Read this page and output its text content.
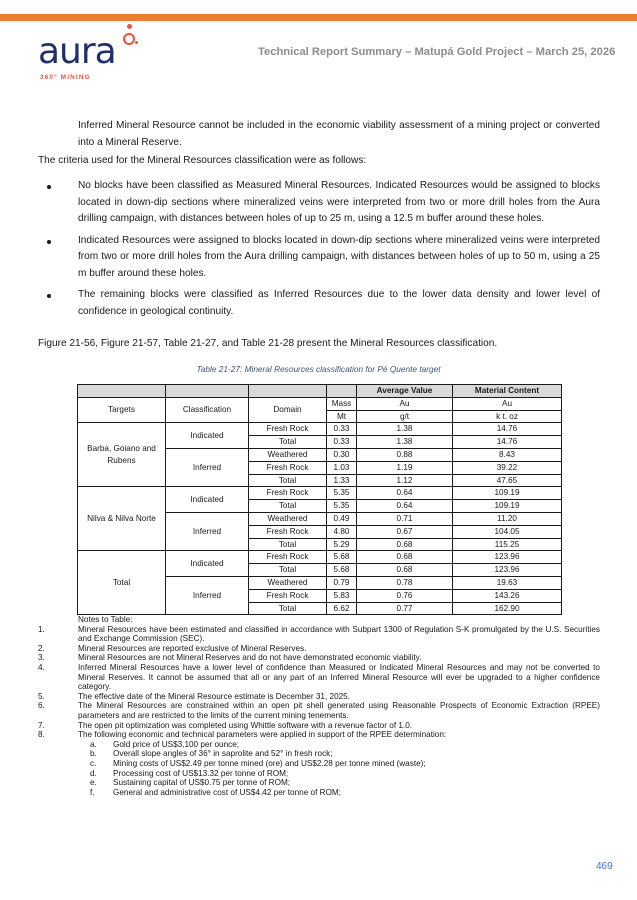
aura
360° MINING
Technical Report Summary – Matupá Gold Project – March 25, 2026
Inferred Mineral Resource cannot be included in the economic viability assessment of a mining project or converted into a Mineral Reserve.
The criteria used for the Mineral Resources classification were as follows:
No blocks have been classified as Measured Mineral Resources. Indicated Resources would be assigned to blocks located in down-dip sections where mineralized veins were interpreted from two or more drill holes from the Aura drilling campaign, with distances between holes of up to 25 m, using a 12.5 m buffer around these holes.
Indicated Resources were assigned to blocks located in down-dip sections where mineralized veins were interpreted from two or more drill holes from the Aura drilling campaign, with distances between holes of up to 50 m, using a 25 m buffer around these holes.
The remaining blocks were classified as Inferred Resources due to the lower data density and lower level of confidence in geological continuity.
Figure 21-56, Figure 21-57, Table 21-27, and Table 21-28 present the Mineral Resources classification.
Table 21-27: Mineral Resources classification for Pé Quente target
				Average Value	Material Content
Targets	Classification	Domain	Mass	Au	Au
			Mt	g/t	k t. oz
Barba, Goiano and Rubens	Indicated	Fresh Rock	0.33	1.38	14.76
		Total	0.33	1.38	14.76
	Inferred	Weathered	0.30	0.88	8.43
		Fresh Rock	1.03	1.19	39.22
		Total	1.33	1.12	47.65
Nilva & Nilva Norte	Indicated	Fresh Rock	5.35	0.64	109.19
		Total	5.35	0.64	109.19
	Inferred	Weathered	0.49	0.71	11.20
		Fresh Rock	4.80	0.67	104.05
		Total	5.29	0.68	115.25
Total	Indicated	Fresh Rock	5.68	0.68	123.96
		Total	5.68	0.68	123.96
	Inferred	Weathered	0.79	0.78	19.63
		Fresh Rock	5.83	0.76	143.26
		Total	6.62	0.77	162.90
Notes to Table:
1.	Mineral Resources have been estimated and classified in accordance with Subpart 1300 of Regulation S-K promulgated by the U.S. Securities and Exchange Commission (SEC).
2.	Mineral Resources are reported exclusive of Mineral Reserves.
3.	Mineral Resources are not Mineral Reserves and do not have demonstrated economic viability.
4.	Inferred Mineral Resources have a lower level of confidence than Measured or Indicated Mineral Resources and may not be converted to Mineral Reserves. It cannot be assumed that all or any part of an Inferred Mineral Resource will ever be upgraded to a higher confidence category.
5.	The effective date of the Mineral Resource estimate is December 31, 2025.
6.	The Mineral Resources are constrained within an open pit shell generated using Reasonable Prospects of Economic Extraction (RPEE) parameters and are restricted to the limits of the current mining tenements.
7.	The open pit optimization was completed using Whittle software with a revenue factor of 1.0.
8.	The following economic and technical parameters were applied in support of the RPEE determination:
a. Gold price of US$3,100 per ounce;
b. Overall slope angles of 36° in saprolite and 52° in fresh rock;
c. Mining costs of US$2.49 per tonne mined (ore) and US$2.28 per tonne mined (waste);
d. Processing cost of US$13.32 per tonne of ROM;
e. Sustaining capital of US$0.75 per tonne of ROM;
f. General and administrative cost of US$4.42 per tonne of ROM;
469
